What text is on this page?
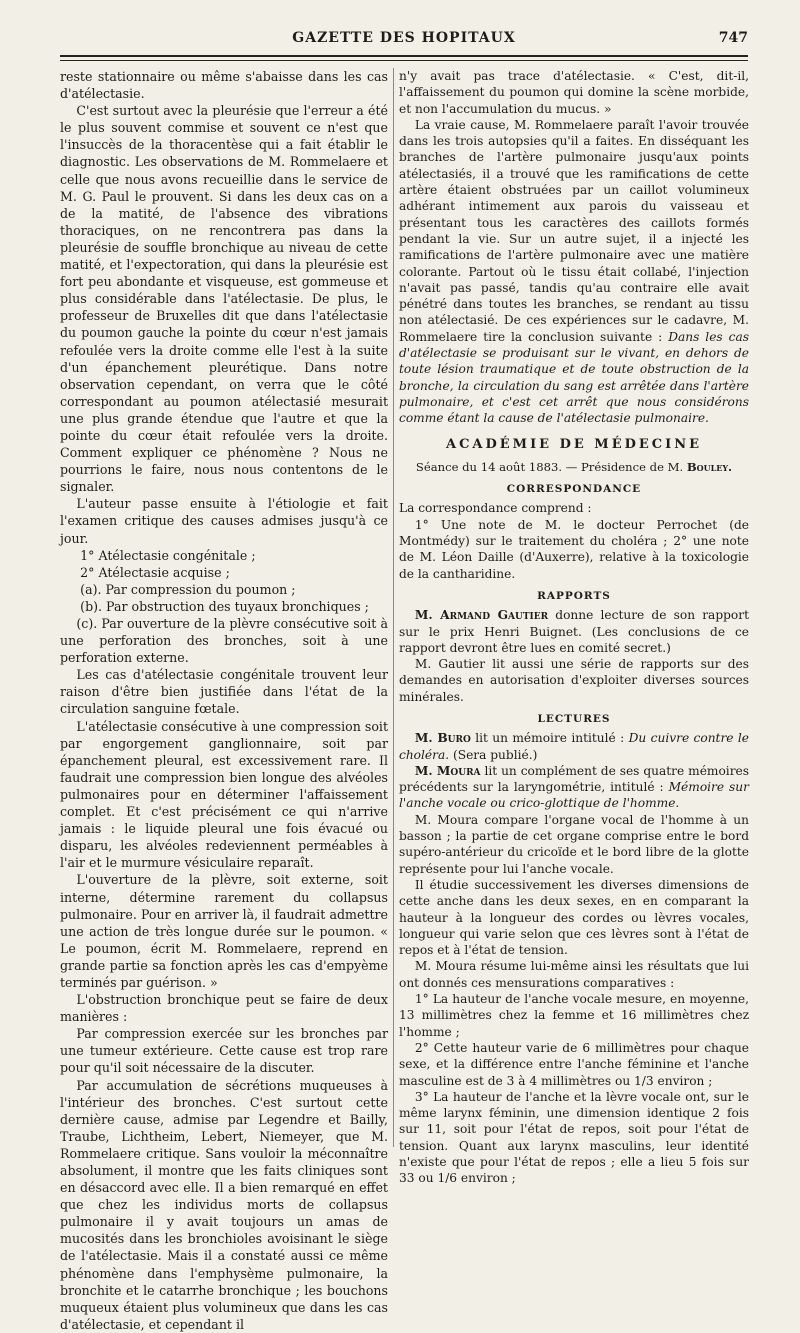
GAZETTE DES HOPITAUX	747

reste stationnaire ou même s'abaisse dans les cas d'atélectasie.

C'est surtout avec la pleurésie que l'erreur a été le plus souvent commise et souvent ce n'est que l'insuccès de la thoracentèse qui a fait établir le diagnostic. Les observations de M. Rommelaere et celle que nous avons recueillie dans le service de M. G. Paul le prouvent. Si dans les deux cas on a de la matité, de l'absence des vibrations thoraciques, on ne rencontrera pas dans la pleurésie de souffle bronchique au niveau de cette matité, et l'expectoration, qui dans la pleurésie est fort peu abondante et visqueuse, est gommeuse et plus considérable dans l'atélectasie. De plus, le professeur de Bruxelles dit que dans l'atélectasie du poumon gauche la pointe du cœur n'est jamais refoulée vers la droite comme elle l'est à la suite d'un épanchement pleurétique. Dans notre observation cependant, on verra que le côté correspondant au poumon atélectasié mesurait une plus grande étendue que l'autre et que la pointe du cœur était refoulée vers la droite. Comment expliquer ce phénomène ? Nous ne pourrions le faire, nous nous contentons de le signaler.

L'auteur passe ensuite à l'étiologie et fait l'examen critique des causes admises jusqu'à ce jour.

1° Atélectasie congénitale ;

2° Atélectasie acquise ;

(a). Par compression du poumon ;

(b). Par obstruction des tuyaux bronchiques ;

(c). Par ouverture de la plèvre consécutive soit à une perforation des bronches, soit à une perforation externe.

Les cas d'atélectasie congénitale trouvent leur raison d'être bien justifiée dans l'état de la circulation sanguine fœtale.

L'atélectasie consécutive à une compression soit par engorgement ganglionnaire, soit par épanchement pleural, est excessivement rare. Il faudrait une compression bien longue des alvéoles pulmonaires pour en déterminer l'affaissement complet. Et c'est précisément ce qui n'arrive jamais : le liquide pleural une fois évacué ou disparu, les alvéoles redeviennent perméables à l'air et le murmure vésiculaire reparaît.

L'ouverture de la plèvre, soit externe, soit interne, détermine rarement du collapsus pulmonaire. Pour en arriver là, il faudrait admettre une action de très longue durée sur le poumon. « Le poumon, écrit M. Rommelaere, reprend en grande partie sa fonction après les cas d'empyème terminés par guérison. »

L'obstruction bronchique peut se faire de deux manières :

Par compression exercée sur les bronches par une tumeur extérieure. Cette cause est trop rare pour qu'il soit nécessaire de la discuter.

Par accumulation de sécrétions muqueuses à l'intérieur des bronches. C'est surtout cette dernière cause, admise par Legendre et Bailly, Traube, Lichtheim, Lebert, Niemeyer, que M. Rommelaere critique. Sans vouloir la méconnaître absolument, il montre que les faits cliniques sont en désaccord avec elle. Il a bien remarqué en effet que chez les individus morts de collapsus pulmonaire il y avait toujours un amas de mucosités dans les bronchioles avoisinant le siège de l'atélectasie. Mais il a constaté aussi ce même phénomène dans l'emphysème pulmonaire, la bronchite et le catarrhe bronchique ; les bouchons muqueux étaient plus volumineux que dans les cas d'atélectasie, et cependant il

n'y avait pas trace d'atélectasie. « C'est, dit-il, l'affaissement du poumon qui domine la scène morbide, et non l'accumulation du mucus. »

La vraie cause, M. Rommelaere paraît l'avoir trouvée dans les trois autopsies qu'il a faites. En disséquant les branches de l'artère pulmonaire jusqu'aux points atélectasiés, il a trouvé que les ramifications de cette artère étaient obstruées par un caillot volumineux adhérant intimement aux parois du vaisseau et présentant tous les caractères des caillots formés pendant la vie. Sur un autre sujet, il a injecté les ramifications de l'artère pulmonaire avec une matière colorante. Partout où le tissu était collabé, l'injection n'avait pas passé, tandis qu'au contraire elle avait pénétré dans toutes les branches, se rendant au tissu non atélectasié. De ces expériences sur le cadavre, M. Rommelaere tire la conclusion suivante : Dans les cas d'atélectasie se produisant sur le vivant, en dehors de toute lésion traumatique et de toute obstruction de la bronche, la circulation du sang est arrêtée dans l'artère pulmonaire, et c'est cet arrêt que nous considérons comme étant la cause de l'atélectasie pulmonaire.

ACADÉMIE DE MÉDECINE
Séance du 14 août 1883. — Présidence de M. Bouley.
CORRESPONDANCE

La correspondance comprend :

1° Une note de M. le docteur Perrochet (de Montmédy) sur le traitement du choléra ; 2° une note de M. Léon Daille (d'Auxerre), relative à la toxicologie de la cantharidine.

RAPPORTS

M. Armand Gautier donne lecture de son rapport sur le prix Henri Buignet. (Les conclusions de ce rapport devront être lues en comité secret.)

M. Gautier lit aussi une série de rapports sur des demandes en autorisation d'exploiter diverses sources minérales.

LECTURES

M. Buro lit un mémoire intitulé : Du cuivre contre le choléra. (Sera publié.)

M. Moura lit un complément de ses quatre mémoires précédents sur la laryngométrie, intitulé : Mémoire sur l'anche vocale ou crico-glottique de l'homme.

M. Moura compare l'organe vocal de l'homme à un basson ; la partie de cet organe comprise entre le bord supéro-antérieur du cricoïde et le bord libre de la glotte représente pour lui l'anche vocale.

Il étudie successivement les diverses dimensions de cette anche dans les deux sexes, en en comparant la hauteur à la longueur des cordes ou lèvres vocales, longueur qui varie selon que ces lèvres sont à l'état de repos et à l'état de tension.

M. Moura résume lui-même ainsi les résultats que lui ont donnés ces mensurations comparatives :

1° La hauteur de l'anche vocale mesure, en moyenne, 13 millimètres chez la femme et 16 millimètres chez l'homme ;

2° Cette hauteur varie de 6 millimètres pour chaque sexe, et la différence entre l'anche féminine et l'anche masculine est de 3 à 4 millimètres ou 1/3 environ ;

3° La hauteur de l'anche et la lèvre vocale ont, sur le même larynx féminin, une dimension identique 2 fois sur 11, soit pour l'état de repos, soit pour l'état de tension. Quant aux larynx masculins, leur identité n'existe que pour l'état de repos ; elle a lieu 5 fois sur 33 ou 1/6 environ ;
